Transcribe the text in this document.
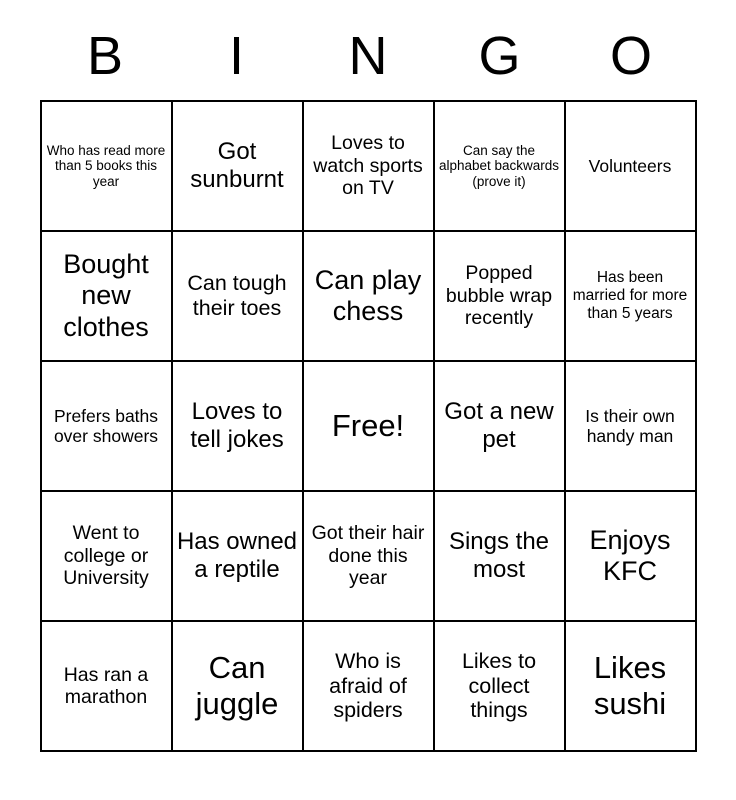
B	I	N	G	O
Who has read more than 5 books this year	Got sunburnt	Loves to watch sports on TV	Can say the alphabet backwards (prove it)	Volunteers
Bought new clothes	Can tough their toes	Can play chess	Popped bubble wrap recently	Has been married for more than 5 years
Prefers baths over showers	Loves to tell jokes	Free!	Got a new pet	Is their own handy man
Went to college or University	Has owned a reptile	Got their hair done this year	Sings the most	Enjoys KFC
Has ran a marathon	Can juggle	Who is afraid of spiders	Likes to collect things	Likes sushi
